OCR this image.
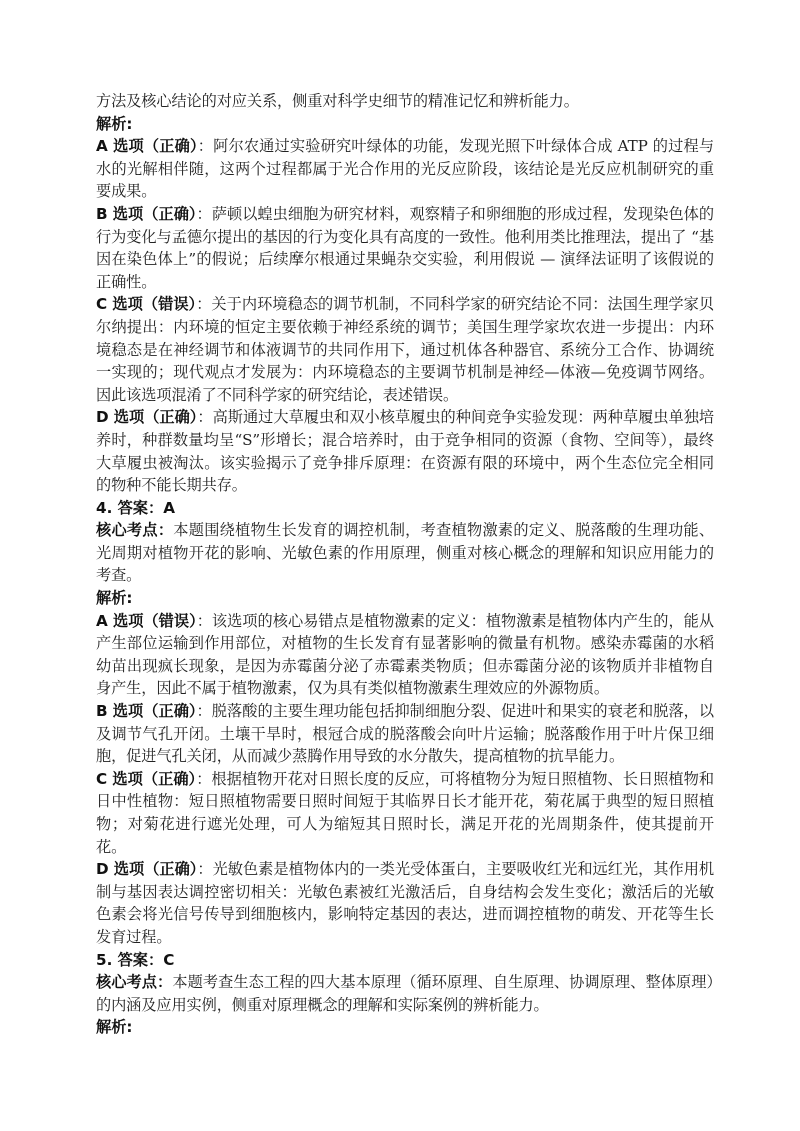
方法及核心结论的对应关系，侧重对科学史细节的精准记忆和辨析能力。

解析:

A 选项（正确）：阿尔农通过实验研究叶绿体的功能，发现光照下叶绿体合成 ATP 的过程与水的光解相伴随，这两个过程都属于光合作用的光反应阶段，该结论是光反应机制研究的重要成果。

B 选项（正确）：萨顿以蝗虫细胞为研究材料，观察精子和卵细胞的形成过程，发现染色体的行为变化与孟德尔提出的基因的行为变化具有高度的一致性。他利用类比推理法，提出了 “基因在染色体上”的假说；后续摩尔根通过果蝇杂交实验，利用假说 — 演绎法证明了该假说的正确性。

C 选项（错误）：关于内环境稳态的调节机制，不同科学家的研究结论不同：法国生理学家贝尔纳提出：内环境的恒定主要依赖于神经系统的调节；美国生理学家坎农进一步提出：内环境稳态是在神经调节和体液调节的共同作用下，通过机体各种器官、系统分工合作、协调统一实现的；现代观点才发展为：内环境稳态的主要调节机制是神经—体液—免疫调节网络。因此该选项混淆了不同科学家的研究结论，表述错误。

D 选项（正确）：高斯通过大草履虫和双小核草履虫的种间竞争实验发现：两种草履虫单独培养时，种群数量均呈“S”形增长；混合培养时，由于竞争相同的资源（食物、空间等），最终大草履虫被淘汰。该实验揭示了竞争排斥原理：在资源有限的环境中，两个生态位完全相同的物种不能长期共存。

4. 答案：A

核心考点：本题围绕植物生长发育的调控机制，考查植物激素的定义、脱落酸的生理功能、光周期对植物开花的影响、光敏色素的作用原理，侧重对核心概念的理解和知识应用能力的考查。

解析:

A 选项（错误）：该选项的核心易错点是植物激素的定义：植物激素是植物体内产生的，能从产生部位运输到作用部位，对植物的生长发育有显著影响的微量有机物。感染赤霉菌的水稻幼苗出现疯长现象，是因为赤霉菌分泌了赤霉素类物质；但赤霉菌分泌的该物质并非植物自身产生，因此不属于植物激素，仅为具有类似植物激素生理效应的外源物质。

B 选项（正确）：脱落酸的主要生理功能包括抑制细胞分裂、促进叶和果实的衰老和脱落，以及调节气孔开闭。土壤干旱时，根冠合成的脱落酸会向叶片运输；脱落酸作用于叶片保卫细胞，促进气孔关闭，从而减少蒸腾作用导致的水分散失，提高植物的抗旱能力。

C 选项（正确）：根据植物开花对日照长度的反应，可将植物分为短日照植物、长日照植物和日中性植物：短日照植物需要日照时间短于其临界日长才能开花，菊花属于典型的短日照植物；对菊花进行遮光处理，可人为缩短其日照时长，满足开花的光周期条件，使其提前开花。

D 选项（正确）：光敏色素是植物体内的一类光受体蛋白，主要吸收红光和远红光，其作用机制与基因表达调控密切相关：光敏色素被红光激活后，自身结构会发生变化；激活后的光敏色素会将光信号传导到细胞核内，影响特定基因的表达，进而调控植物的萌发、开花等生长发育过程。

5. 答案：C

核心考点：本题考查生态工程的四大基本原理（循环原理、自生原理、协调原理、整体原理）的内涵及应用实例，侧重对原理概念的理解和实际案例的辨析能力。

解析:
